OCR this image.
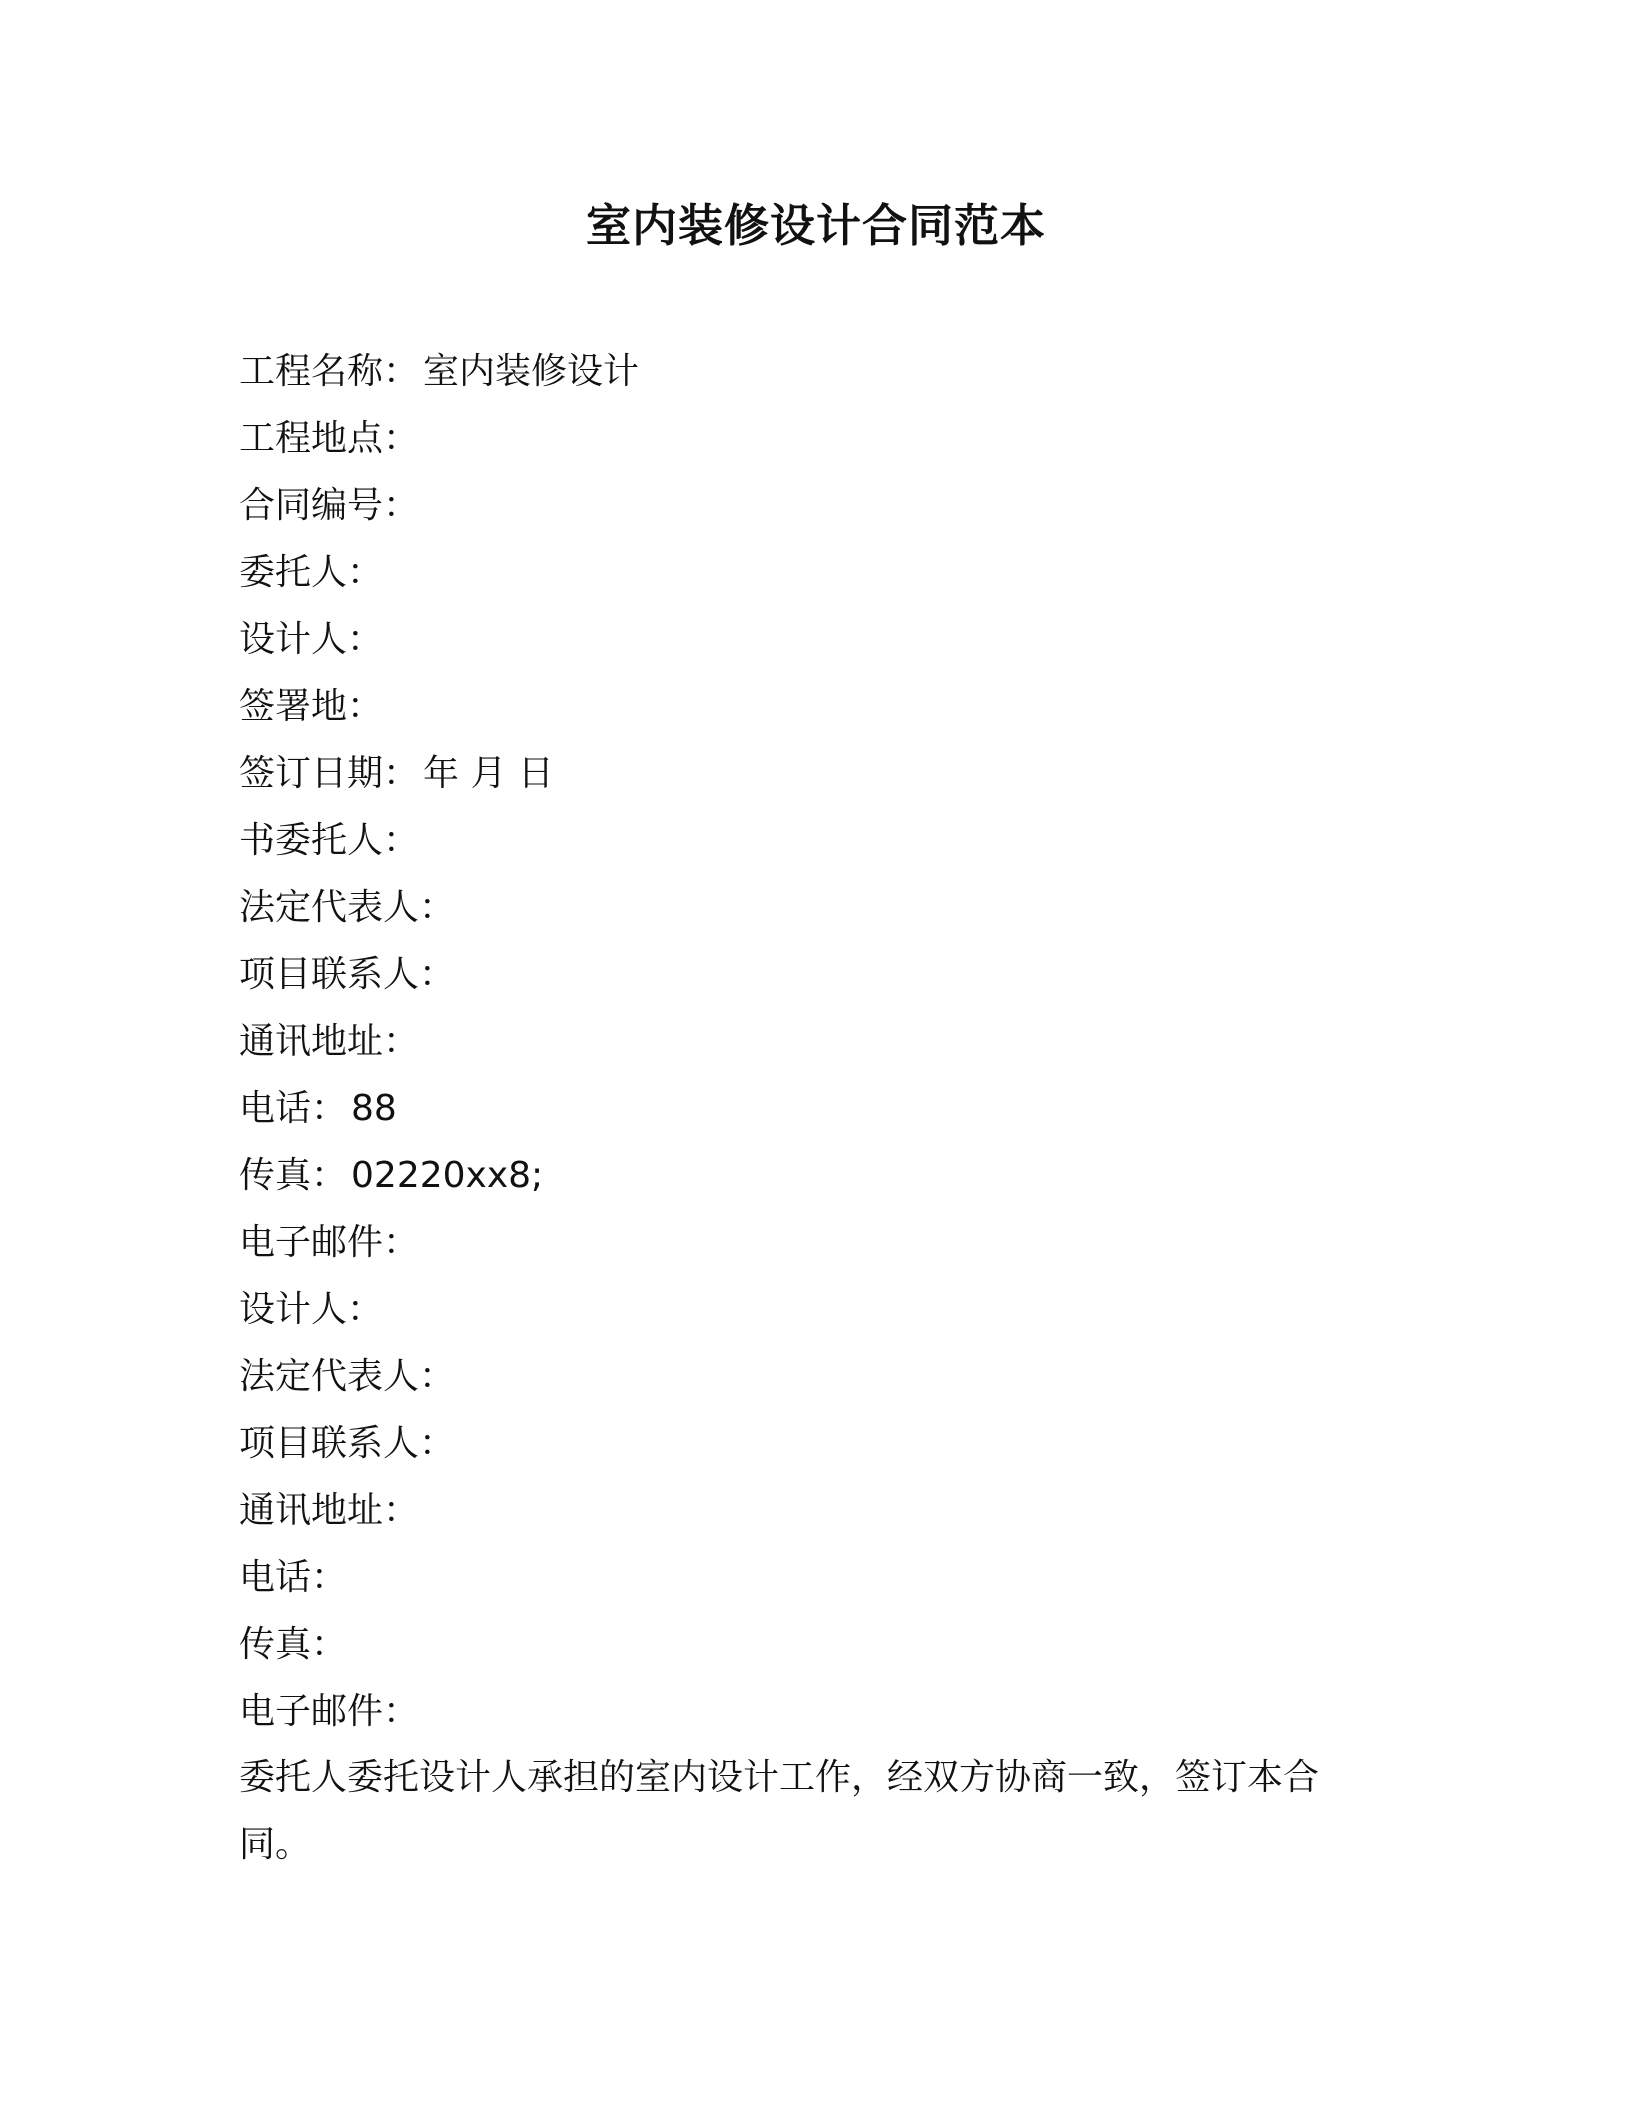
室内装修设计合同范本
工程名称： 室内装修设计
工程地点：
合同编号：
委托人：
设计人：
签署地：
签订日期： 年 月 日
书委托人：
法定代表人：
项目联系人：
通讯地址：
电话： 88
传真： 02220xx8;
电子邮件：
设计人：
法定代表人：
项目联系人：
通讯地址：
电话：
传真：
电子邮件：

委托人委托设计人承担的室内设计工作，经双方协商一致，签订本合同。
